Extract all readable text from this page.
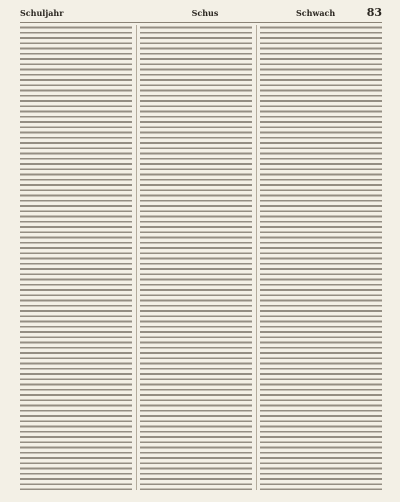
Schuljahr	Schus	Schwach	83
